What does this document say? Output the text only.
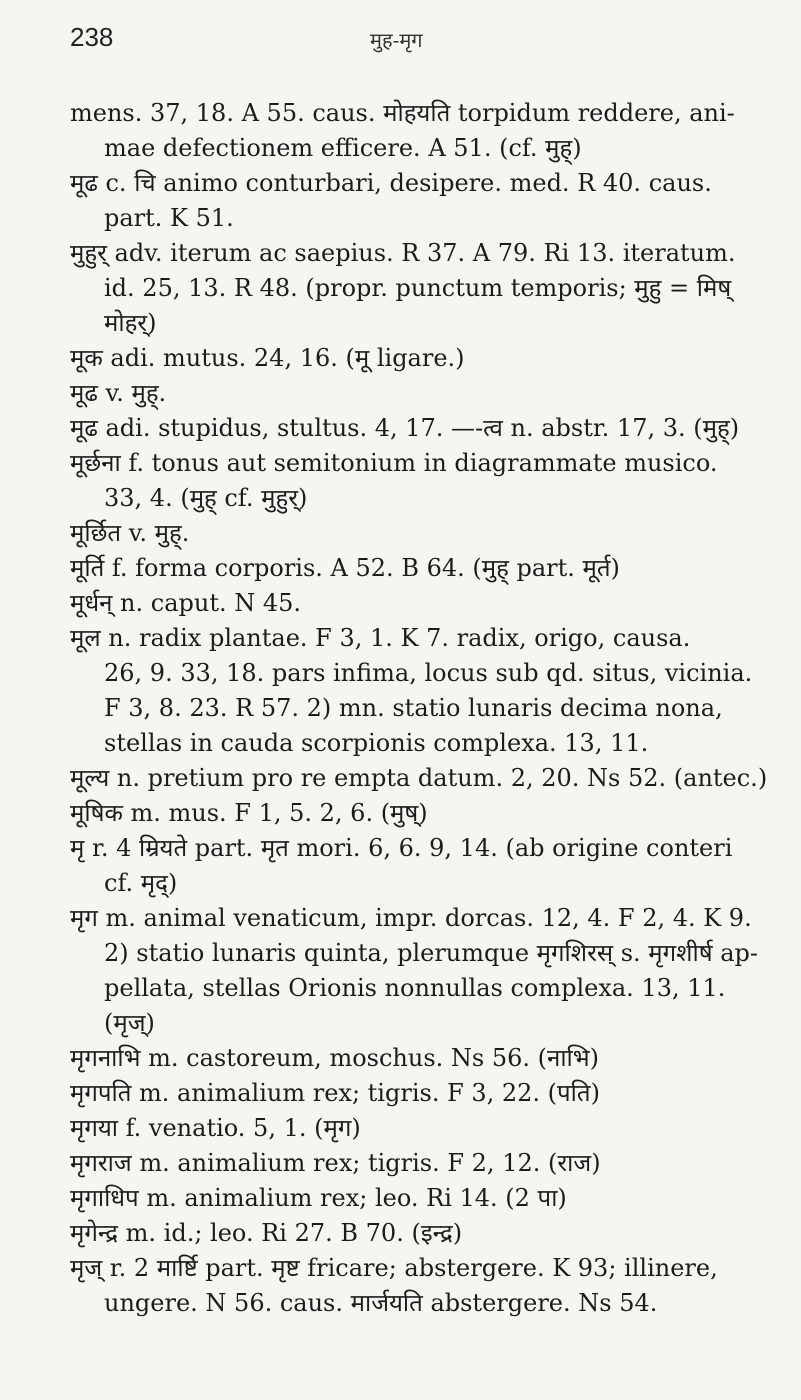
238	मुह-मृग
mens. 37, 18. A 55. caus. मोहयति torpidum reddere, ani-
mae defectionem efficere. A 51. (cf. मुह्)
मूढ c. चि animo conturbari, desipere. med. R 40. caus.
part. K 51.
मुहुर् adv. iterum ac saepius. R 37. A 79. Ri 13. iteratum.
id. 25, 13. R 48. (propr. punctum temporis; मुहु = मिष् मोहर्)
मूक adi. mutus. 24, 16. (मू ligare.)
मूढ v. मुह्.
मूढ adi. stupidus, stultus. 4, 17. —-त्व n. abstr. 17, 3. (मुह्)
मूर्छना f. tonus aut semitonium in diagrammate musico.
33, 4. (मुह् cf. मुहुर्)
मूर्छित v. मुह्.
मूर्ति f. forma corporis. A 52. B 64. (मुह् part. मूर्त)
मूर्धन् n. caput. N 45.
मूल n. radix plantae. F 3, 1. K 7. radix, origo, causa.
26, 9. 33, 18. pars infima, locus sub qd. situs, vicinia.
F 3, 8. 23. R 57. 2) mn. statio lunaris decima nona,
stellas in cauda scorpionis complexa. 13, 11.
मूल्य n. pretium pro re empta datum. 2, 20. Ns 52. (antec.)
मूषिक m. mus. F 1, 5. 2, 6. (मुष्)
मृ r. 4 म्रियते part. मृत mori. 6, 6. 9, 14. (ab origine conteri
cf. मृद्)
मृग m. animal venaticum, impr. dorcas. 12, 4. F 2, 4. K 9.
2) statio lunaris quinta, plerumque मृगशिरस् s. मृगशीर्ष ap-
pellata, stellas Orionis nonnullas complexa. 13, 11. (मृज्)
मृगनाभि m. castoreum, moschus. Ns 56. (नाभि)
मृगपति m. animalium rex; tigris. F 3, 22. (पति)
मृगया f. venatio. 5, 1. (मृग)
मृगराज m. animalium rex; tigris. F 2, 12. (राज)
मृगाधिप m. animalium rex; leo. Ri 14. (2 पा)
मृगेन्द्र m. id.; leo. Ri 27. B 70. (इन्द्र)
मृज् r. 2 मार्ष्टि part. मृष्ट fricare; abstergere. K 93; illinere,
ungere. N 56. caus. मार्जयति abstergere. Ns 54.
